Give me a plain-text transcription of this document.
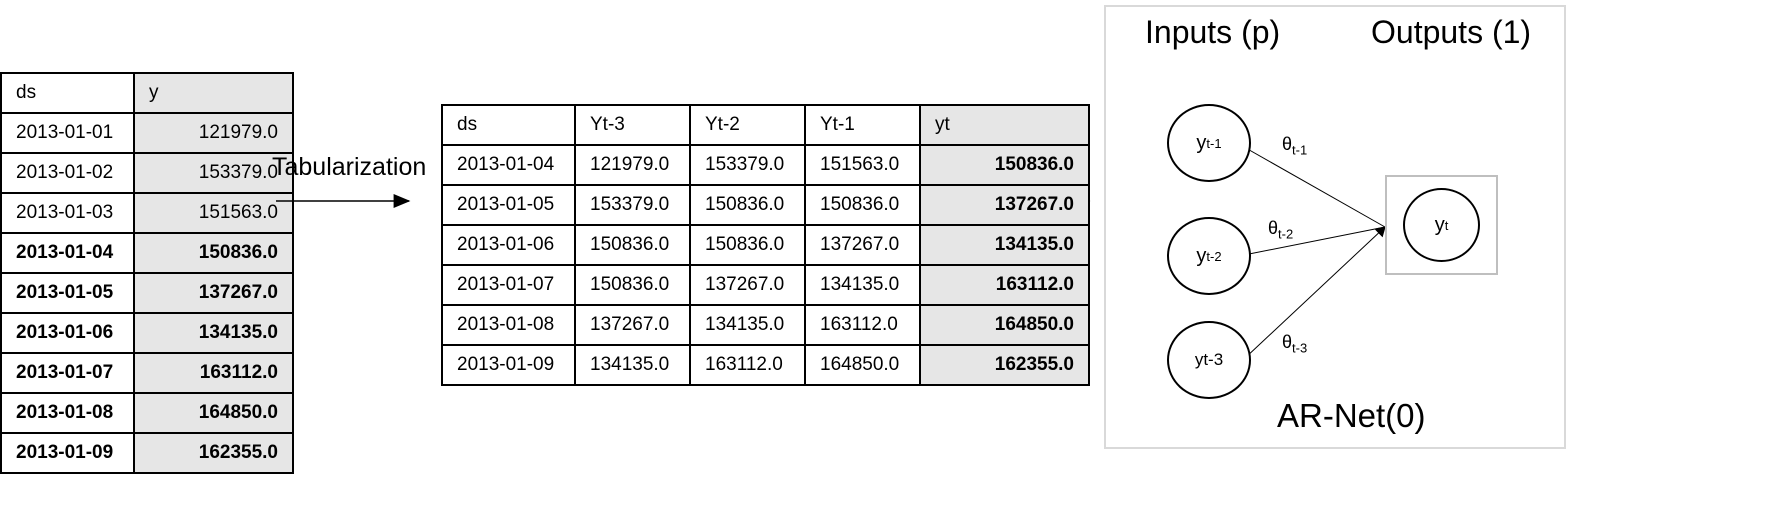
ds	y
2013-01-01	121979.0
2013-01-02	153379.0
2013-01-03	151563.0
2013-01-04	150836.0
2013-01-05	137267.0
2013-01-06	134135.0
2013-01-07	163112.0
2013-01-08	164850.0
2013-01-09	162355.0
Tabularization
ds	Yt-3	Yt-2	Yt-1	yt
2013-01-04	121979.0	153379.0	151563.0	150836.0
2013-01-05	153379.0	150836.0	150836.0	137267.0
2013-01-06	150836.0	150836.0	137267.0	134135.0
2013-01-07	150836.0	137267.0	134135.0	163112.0
2013-01-08	137267.0	134135.0	163112.0	164850.0
2013-01-09	134135.0	163112.0	164850.0	162355.0
Inputs (p)	Outputs (1)
y t-1
y t-2
yt-3
y t
$\theta_{t-1}$
$\theta_{t-2}$
$\theta_{t-3}$
AR-Net(0)
